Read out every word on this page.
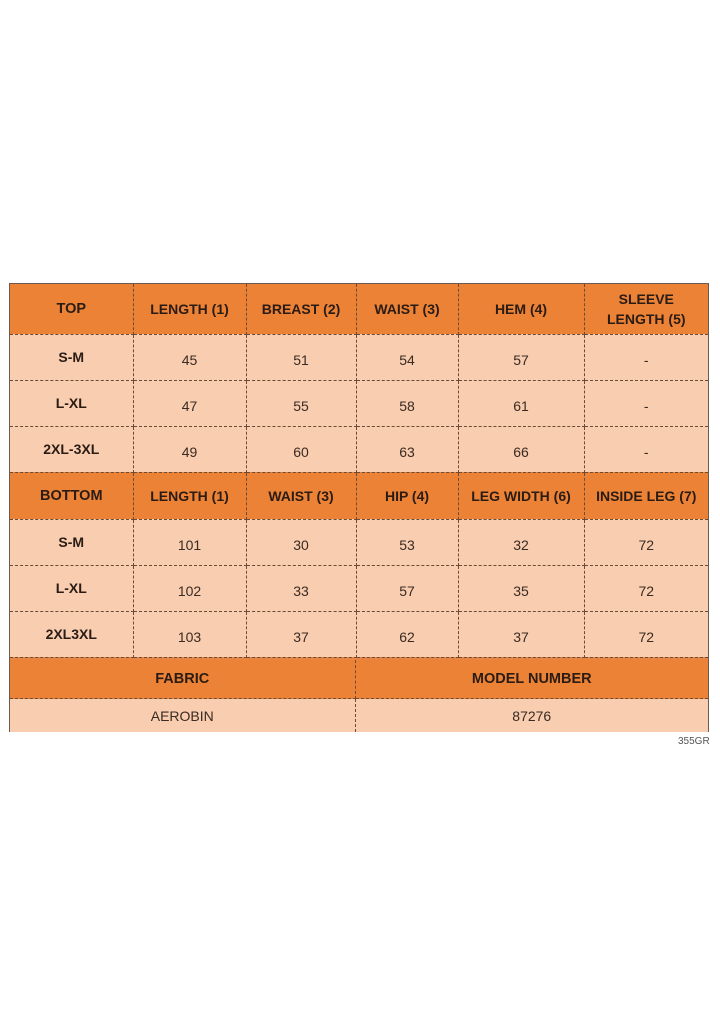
TOP	LENGTH (1)	BREAST (2)	WAIST (3)	HEM (4)	SLEEVE LENGTH (5)
S-M	45	51	54	57	-
L-XL	47	55	58	61	-
2XL-3XL	49	60	63	66	-
BOTTOM	LENGTH (1)	WAIST (3)	HIP (4)	LEG WIDTH (6)	INSIDE LEG (7)
S-M	101	30	53	32	72
L-XL	102	33	57	35	72
2XL3XL	103	37	62	37	72
FABRIC	MODEL NUMBER
AEROBIN	87276
355GR
